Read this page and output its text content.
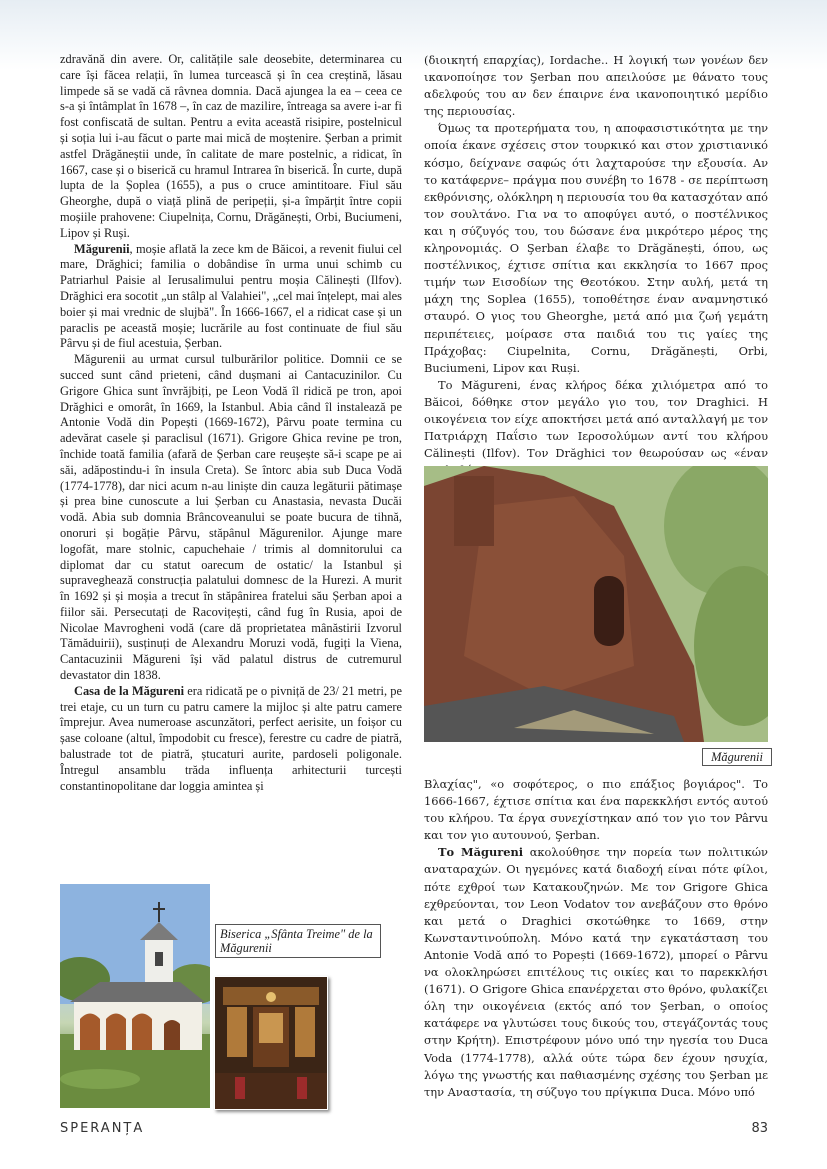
zdravănă din avere. Or, calitățile sale deosebite, determinarea cu care își făcea relații, în lumea turcească și în cea creștină, lăsau limpede să se vadă că râvnea domnia. Dacă ajungea la ea – ceea ce s-a și întâmplat în 1678 –, în caz de mazilire, întreaga sa avere i-ar fi fost confiscată de sultan. Pentru a evita această risipire, postelnicul și soția lui i-au făcut o parte mai mică de moștenire. Șerban a primit astfel Drăgăneștii unde, în calitate de mare postelnic, a ridicat, în 1667, case și o biserică cu hramul Intrarea în biserică. În curte, după lupta de la Șoplea (1655), a pus o cruce amintitoare. Fiul său Gheorghe, după o viață plină de peripeții, și-a împărțit între copii moșiile prahovene: Ciupelnița, Cornu, Drăgănești, Orbi, Buciumeni, Lipov și Ruși.

Măgurenii, moșie aflată la zece km de Băicoi, a revenit fiului cel mare, Drăghici; familia o dobândise în urma unui schimb cu Patriarhul Paisie al Ierusalimului pentru moșia Călinești (Ilfov). Drăghici era socotit „un stâlp al Valahiei", „cel mai înțelept, mai ales boier și mai vrednic de slujbă". În 1666-1667, el a ridicat case și un paraclis pe această moșie; lucrările au fost continuate de fiul său Pârvu și de fiul acestuia, Șerban.

Măgurenii au urmat cursul tulburărilor politice. Domnii ce se succed sunt când prieteni, când dușmani ai Cantacuzinilor. Cu Grigore Ghica sunt învrăjbiți, pe Leon Vodă îl ridică pe tron, apoi Drăghici e omorât, în 1669, la Istanbul. Abia când îl instalează pe Antonie Vodă din Popești (1669-1672), Pârvu poate termina cu adevărat casele și paraclisul (1671). Grigore Ghica revine pe tron, închide toată familia (afară de Șerban care reușește să-i scape pe ai săi, adăpostindu-i în insula Creta). Se întorc abia sub Duca Vodă (1774-1778), dar nici acum n-au liniște din cauza legăturii pătimașe și prea bine cunoscute a lui Șerban cu Anastasia, nevasta Ducăi vodă. Abia sub domnia Brâncoveanului se poate bucura de tihnă, onoruri și bogăție Pârvu, stăpânul Măgurenilor. Ajunge mare logofăt, mare stolnic, capuchehaie / trimis al domnitorului ca diplomat dar cu statut oarecum de ostatic/ la Istanbul și supraveghează construcția palatului domnesc de la Hurezi. A murit în 1692 și și moșia a trecut în stăpânirea fratelui său Șerban apoi a fiilor săi. Persecutați de Racovițești, când fug în Rusia, apoi de Nicolae Mavrogheni vodă (care dă proprietatea mânăstirii Izvorul Tămăduirii), susținuți de Alexandru Moruzi vodă, fugiți la Viena, Cantacuzinii Măgureni își văd palatul distrus de cutremurul devastator din 1838.

Casa de la Măgureni era ridicată pe o pivniță de 23/ 21 metri, pe trei etaje, cu un turn cu patru camere la mijloc și alte patru camere împrejur. Avea numeroase ascunzători, perfect aerisite, un foișor cu șase coloane (altul, împodobit cu frescе), ferestre cu cadre de piatră, balustrade tot de piatră, ștucaturi aurite, pardoseli poligonale. Întregul ansamblu trăda influența arhitecturii turcești constantinopolitane dar loggia amintea și

Biserica „Sfânta Treime" de la Măgurenii

(διοικητή επαρχίας), Iordache.. Η λογική των γονέων δεν ικανοποίησε τον Şerban που απειλούσε με θάνατο τους αδελφούς του αν δεν έπαιρνε ένα ικανοποιητικό μερίδιο της περιουσίας.

Όμως τα προτερήματα του, η αποφασιστικότητα με την οποία έκανε σχέσεις στον τουρκικό και στον χριστιανικό κόσμο, δείχνανε σαφώς ότι λαχταρούσε την εξουσία. Αν το κατάφερνε– πράγμα που συνέβη το 1678 - σε περίπτωση εκθρόνισης, ολόκληρη η περιουσία του θα κατασχόταν από τον σουλτάνο. Για να το αποφύγει αυτό, ο ποστέλνικος και η σύζυγός του, του δώσανε ένα μικρότερο μέρος της κληρονομιάς. Ο Şerban έλαβε το Drăgănești, όπου, ως ποστέλνικος, έχτισε σπίτια και εκκλησία το 1667 προς τιμήν των Εισοδίων της Θεοτόκου. Στην αυλή, μετά τη μάχη της Soplea (1655), τοποθέτησε έναν αναμνηστικό σταυρό. Ο γιος του Gheorghe, μετά από μια ζωή γεμάτη περιπέτειες, μοίρασε στα παιδιά του τις γαίες της Πράχοβας: Ciupelnita, Cornu, Drăgănești, Orbi, Buciumeni, Lipov και Ruși.

Το Măgureni, ένας κλήρος δέκα χιλιόμετρα από το Băicoi, δόθηκε στον μεγάλο γιο του, τον Draghici. Η οικογένεια τον είχε αποκτήσει μετά από ανταλλαγή με τον Πατριάρχη Παΐσιο των Ιεροσολύμων αντί του κλήρου Călinești (Ilfov). Τον Drăghici τον θεωρούσαν ως «έναν

Măgurenii

Βλαχίας", «ο σοφότερος, ο πιο επάξιος βογιάρος". Το 1666-1667, έχτισε σπίτια και ένα παρεκκλήσι εντός αυτού του κλήρου. Τα έργα συνεχίστηκαν από τον γιο τον Pârvu και τον γιο αυτουνού, Şerban.

Το Măgureni ακολούθησε την πορεία των πολιτικών αναταραχών. Οι ηγεμόνες κατά διαδοχή είναι πότε φίλοι, πότε εχθροί των Κατακουζηνών. Με τον Grigore Ghica εχθρεύονται, τον Leon Vodatov τον ανεβάζουν στο θρόνο και μετά ο Draghici σκοτώθηκε το 1669, στην Κωνσταντινούπολη. Μόνο κατά την εγκατάσταση του Antonie Vodă από το Popești (1669-1672), μπορεί ο Pârvu να ολοκληρώσει επιτέλους τις οικίες και το παρεκκλήσι (1671). Ο Grigore Ghica επανέρχεται στο θρόνο, φυλακίζει όλη την οικογένεια (εκτός από τον Şerban, ο οποίος κατάφερε να γλυτώσει τους δικούς του, στεγάζοντάς τους στην Κρήτη). Επιστρέφουν μόνο υπό την ηγεσία του Duca Voda (1774-1778), αλλά ούτε τώρα δεν έχουν ησυχία, λόγω της γνωστής και παθιασμένης σχέσης του Şerban με την Αναστασία, τη σύζυγο του πρίγκιπα Duca. Μόνο υπό

SPERANȚA	83
